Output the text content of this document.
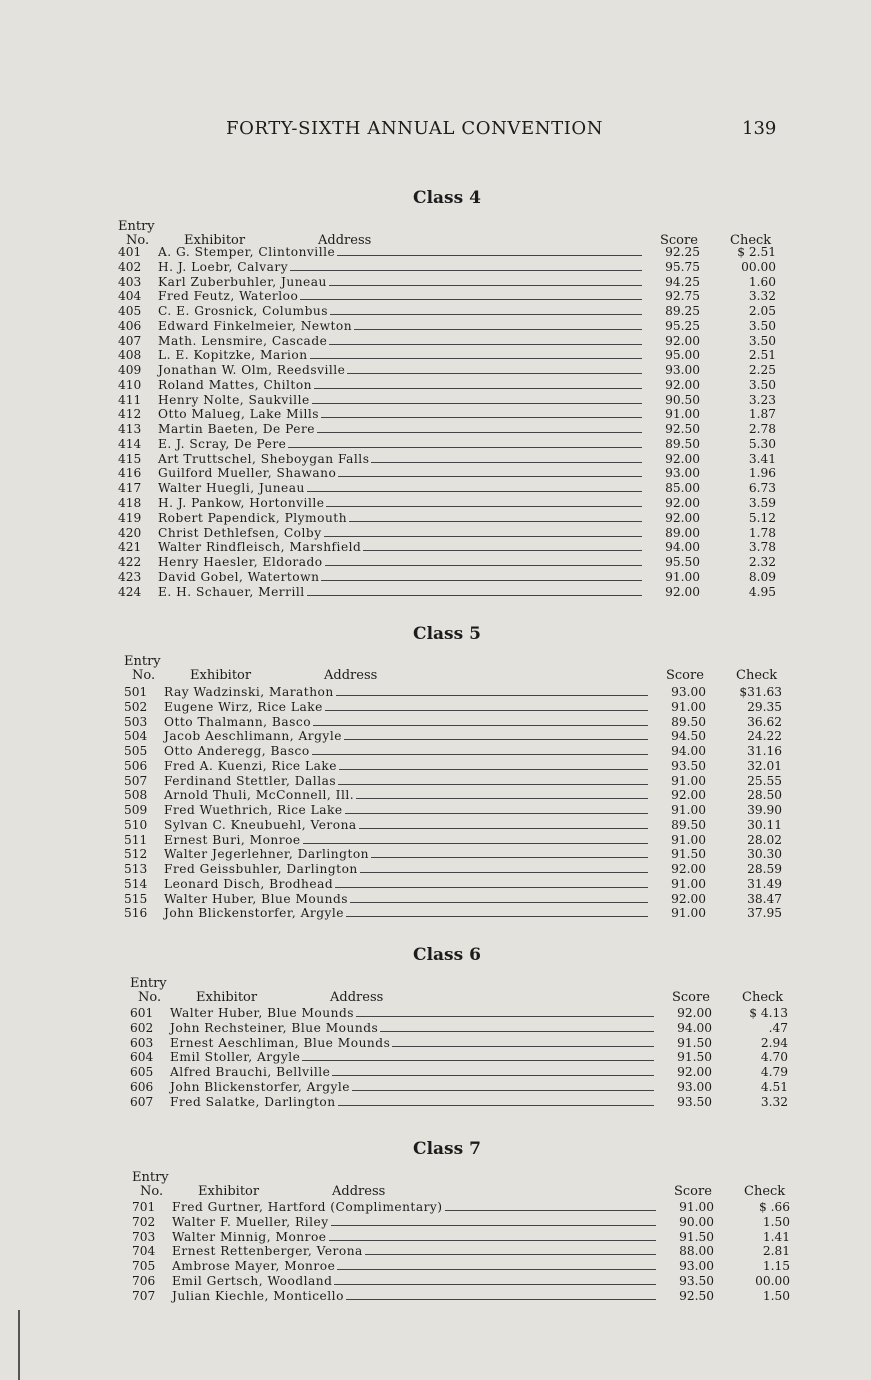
FORTY-SIXTH ANNUAL CONVENTION	139
Class 4
Entry
No.	Exhibitor	Address	Score Check
401 A. G. Stemper, Clintonville	92.25	$ 2.51
402 H. J. Loebr, Calvary	95.75	00.00
403 Karl Zuberbuhler, Juneau	94.25	1.60
404 Fred Feutz, Waterloo	92.75	3.32
405 C. E. Grosnick, Columbus	89.25	2.05
406 Edward Finkelmeier, Newton	95.25	3.50
407 Math. Lensmire, Cascade	92.00	3.50
408 L. E. Kopitzke, Marion	95.00	2.51
409 Jonathan W. Olm, Reedsville	93.00	2.25
410 Roland Mattes, Chilton	92.00	3.50
411 Henry Nolte, Saukville	90.50	3.23
412 Otto Malueg, Lake Mills	91.00	1.87
413 Martin Baeten, De Pere	92.50	2.78
414 E. J. Scray, De Pere	89.50	5.30
415 Art Truttschel, Sheboygan Falls	92.00	3.41
416 Guilford Mueller, Shawano	93.00	1.96
417 Walter Huegli, Juneau	85.00	6.73
418 H. J. Pankow, Hortonville	92.00	3.59
419 Robert Papendick, Plymouth	92.00	5.12
420 Christ Dethlefsen, Colby	89.00	1.78
421 Walter Rindfleisch, Marshfield	94.00	3.78
422 Henry Haesler, Eldorado	95.50	2.32
423 David Gobel, Watertown	91.00	8.09
424 E. H. Schauer, Merrill	92.00	4.95
Class 5
Entry
No.	Exhibitor	Address	Score Check
501 Ray Wadzinski, Marathon	93.00	$31.63
502 Eugene Wirz, Rice Lake	91.00	29.35
503 Otto Thalmann, Basco	89.50	36.62
504 Jacob Aeschlimann, Argyle	94.50	24.22
505 Otto Anderegg, Basco	94.00	31.16
506 Fred A. Kuenzi, Rice Lake	93.50	32.01
507 Ferdinand Stettler, Dallas	91.00	25.55
508 Arnold Thuli, McConnell, Ill.	92.00	28.50
509 Fred Wuethrich, Rice Lake	91.00	39.90
510 Sylvan C. Kneubuehl, Verona	89.50	30.11
511 Ernest Buri, Monroe	91.00	28.02
512 Walter Jegerlehner, Darlington	91.50	30.30
513 Fred Geissbuhler, Darlington	92.00	28.59
514 Leonard Disch, Brodhead	91.00	31.49
515 Walter Huber, Blue Mounds	92.00	38.47
516 John Blickenstorfer, Argyle	91.00	37.95
Class 6
Entry
No.	Exhibitor	Address	Score Check
601 Walter Huber, Blue Mounds	92.00	$ 4.13
602 John Rechsteiner, Blue Mounds	94.00	.47
603 Ernest Aeschliman, Blue Mounds	91.50	2.94
604 Emil Stoller, Argyle	91.50	4.70
605 Alfred Brauchi, Bellville	92.00	4.79
606 John Blickenstorfer, Argyle	93.00	4.51
607 Fred Salatke, Darlington	93.50	3.32
Class 7
Entry
No.	Exhibitor	Address	Score Check
701 Fred Gurtner, Hartford (Complimentary)	91.00	$ .66
702 Walter F. Mueller, Riley	90.00	1.50
703 Walter Minnig, Monroe	91.50	1.41
704 Ernest Rettenberger, Verona	88.00	2.81
705 Ambrose Mayer, Monroe	93.00	1.15
706 Emil Gertsch, Woodland	93.50	00.00
707 Julian Kiechle, Monticello	92.50	1.50
